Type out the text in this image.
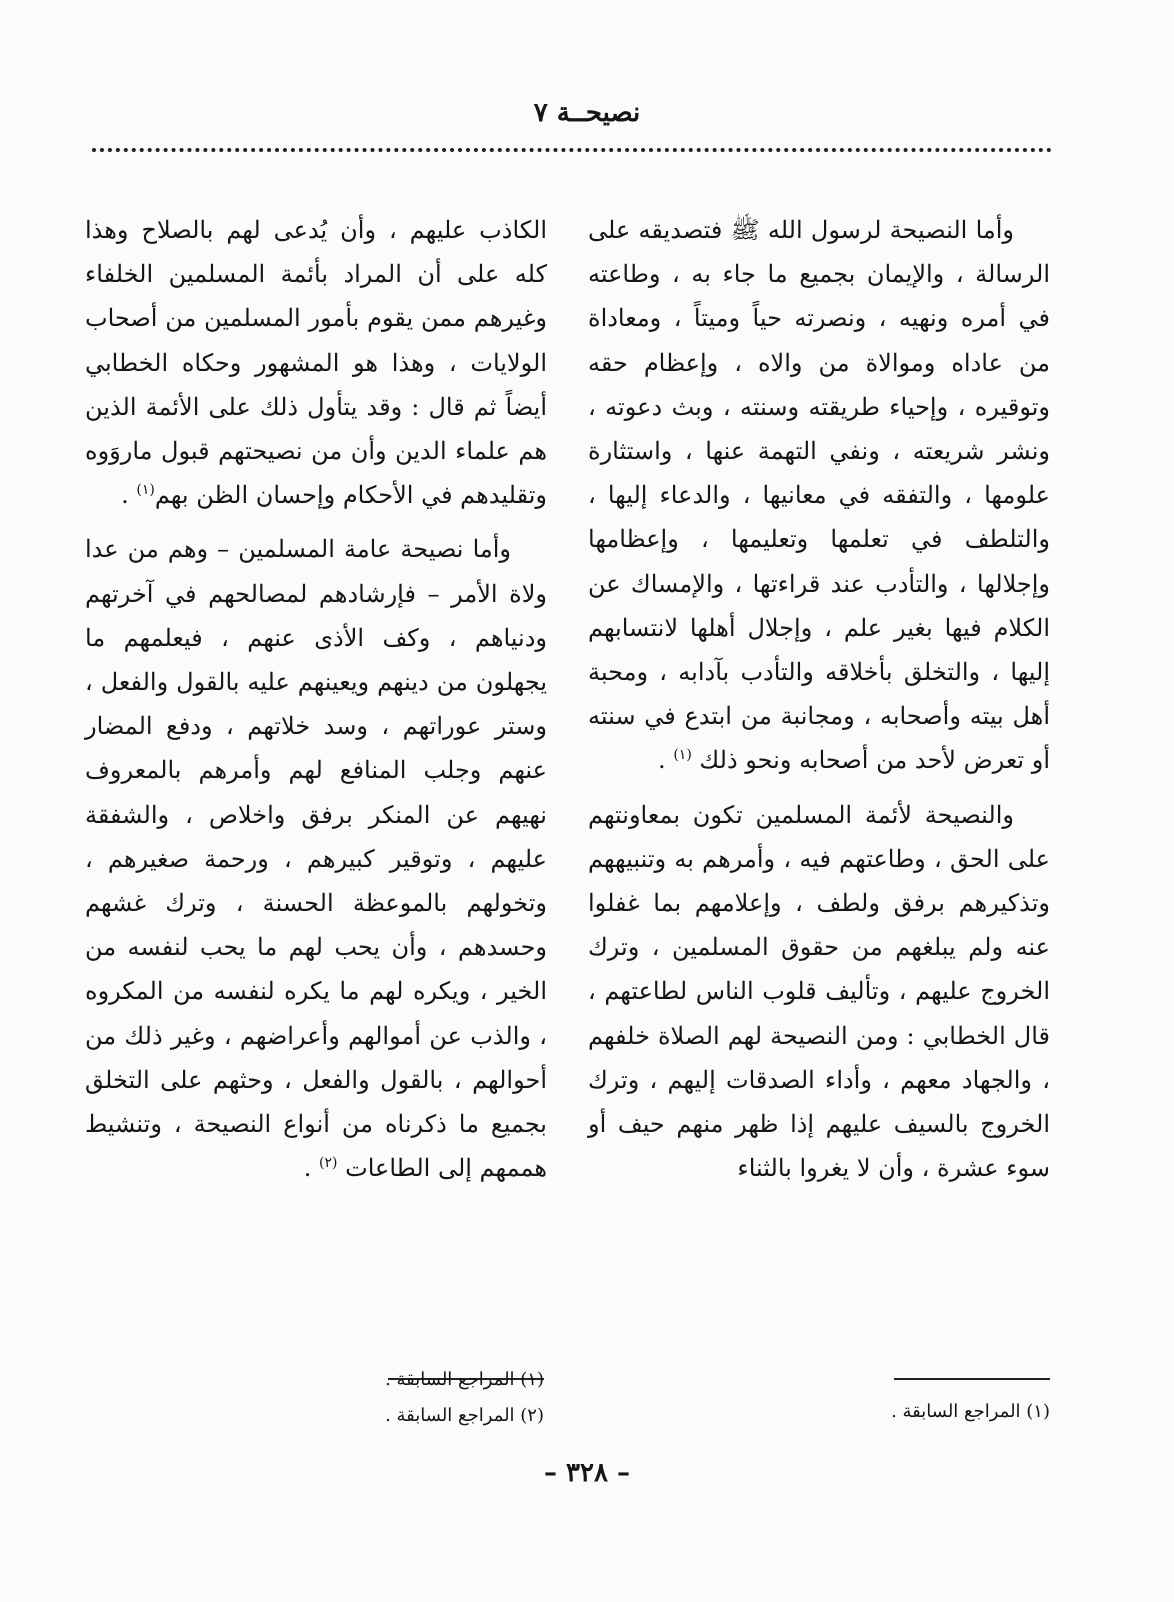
نصيحــة ٧

وأما النصيحة لرسول الله ﷺ فتصديقه على الرسالة ، والإيمان بجميع ما جاء به ، وطاعته في أمره ونهيه ، ونصرته حياً وميتاً ، ومعاداة من عاداه وموالاة من والاه ، وإعظام حقه وتوقيره ، وإحياء طريقته وسنته ، وبث دعوته ، ونشر شريعته ، ونفي التهمة عنها ، واستثارة علومها ، والتفقه في معانيها ، والدعاء إليها ، والتلطف في تعلمها وتعليمها ، وإعظامها وإجلالها ، والتأدب عند قراءتها ، والإمساك عن الكلام فيها بغير علم ، وإجلال أهلها لانتسابهم إليها ، والتخلق بأخلاقه والتأدب بآدابه ، ومحبة أهل بيته وأصحابه ، ومجانبة من ابتدع في سنته أو تعرض لأحد من أصحابه ونحو ذلك $^{(١)}$ .

والنصيحة لأئمة المسلمين تكون بمعاونتهم على الحق ، وطاعتهم فيه ، وأمرهم به وتنبيههم وتذكيرهم برفق ولطف ، وإعلامهم بما غفلوا عنه ولم يبلغهم من حقوق المسلمين ، وترك الخروج عليهم ، وتأليف قلوب الناس لطاعتهم ، قال الخطابي : ومن النصيحة لهم الصلاة خلفهم ، والجهاد معهم ، وأداء الصدقات إليهم ، وترك الخروج بالسيف عليهم إذا ظهر منهم حيف أو سوء عشرة ، وأن لا يغروا بالثناء

الكاذب عليهم ، وأن يُدعى لهم بالصلاح وهذا كله على أن المراد بأئمة المسلمين الخلفاء وغيرهم ممن يقوم بأمور المسلمين من أصحاب الولايات ، وهذا هو المشهور وحكاه الخطابي أيضاً ثم قال : وقد يتأول ذلك على الأئمة الذين هم علماء الدين وأن من نصيحتهم قبول ماروَوه وتقليدهم في الأحكام وإحسان الظن بهم$^{(١)}$ .

وأما نصيحة عامة المسلمين – وهم من عدا ولاة الأمر – فإرشادهم لمصالحهم في آخرتهم ودنياهم ، وكف الأذى عنهم ، فيعلمهم ما يجهلون من دينهم ويعينهم عليه بالقول والفعل ، وستر عوراتهم ، وسد خلاتهم ، ودفع المضار عنهم وجلب المنافع لهم وأمرهم بالمعروف نهيهم عن المنكر برفق واخلاص ، والشفقة عليهم ، وتوقير كبيرهم ، ورحمة صغيرهم ، وتخولهم بالموعظة الحسنة ، وترك غشهم وحسدهم ، وأن يحب لهم ما يحب لنفسه من الخير ، ويكره لهم ما يكره لنفسه من المكروه ، والذب عن أموالهم وأعراضهم ، وغير ذلك من أحوالهم ، بالقول والفعل ، وحثهم على التخلق بجميع ما ذكرناه من أنواع النصيحة ، وتنشيط هممهم إلى الطاعات $^{(٢)}$ .

(١) المراجع السابقة .
(١) المراجع السابقة .
(٢) المراجع السابقة .
– ٣٢٨ –
